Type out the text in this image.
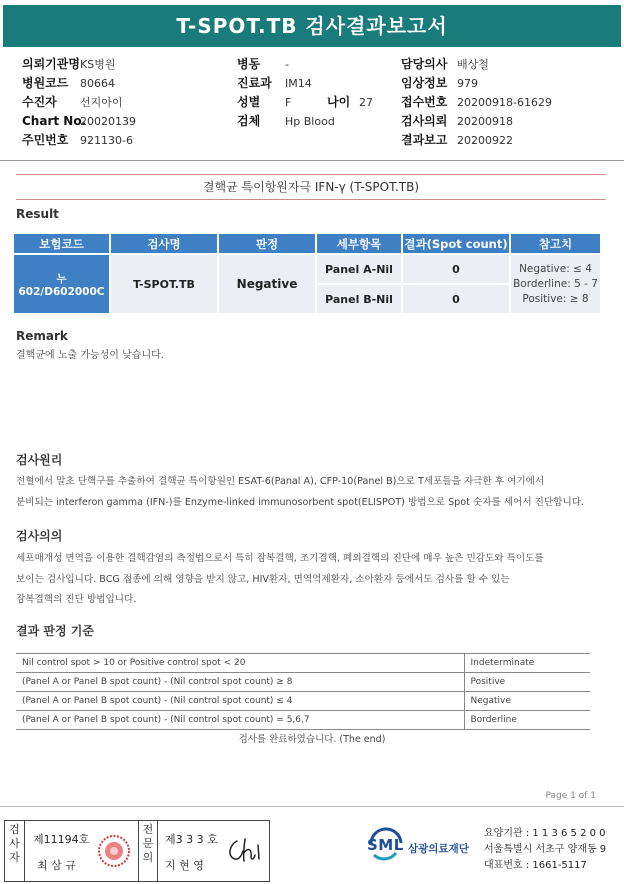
T-SPOT.TB 검사결과보고서
의뢰기관명KS병원
병원코드 80664
수진자 선지아이
Chart No.20020139
주민번호 921130-6
병동 -
진료과 IM14
성별 F	나이 27
검체 Hp Blood
담당의사 배상철
임상정보 979
접수번호 20200918-61629
검사의뢰 20200918
결과보고 20200922
결핵균 특이항원자극 IFN-γ (T-SPOT.TB)
Result
보험코드	검사명	판정	세부항목	결과(Spot count)	참고치
누602/D602000C	T-SPOT.TB	Negative	Panel A-Nil	0	Negative: ≤ 4
Borderline: 5 - 7
Positive: ≥ 8

			Panel B-Nil	0	
Remark
결핵균에 노출 가능성이 낮습니다.
검사원리
전혈에서 말초 단핵구를 추출하여 결핵균 특이항원인 ESAT-6(Panal A), CFP-10(Panel B)으로 T세포들을 자극한 후 여기에서
분비되는 interferon gamma (IFN-)를 Enzyme-linked immunosorbent spot(ELISPOT) 방법으로 Spot 숫자를 세어서 진단합니다.
검사의의
세포매개성 면역을 이용한 결핵감염의 측정법으로서 특히 잠복결핵, 조기결핵, 폐외결핵의 진단에 매우 높은 민감도와 특이도를
보이는 검사입니다. BCG 접종에 의해 영향을 받지 않고, HIV환자, 면역억제환자, 소아환자 등에서도 검사를 할 수 있는
잠복결핵의 진단 방법입니다.
결과 판정 기준
Nil control spot > 10 or Positive control spot < 20	Indeterminate
(Panel A or Panel B spot count) - (Nil control spot count) ≥ 8	Positive
(Panel A or Panel B spot count) - (Nil control spot count) ≤ 4	Negative
(Panel A or Panel B spot count) - (Nil control spot count) = 5,6,7	Borderline
검사를 완료하였습니다. (The end)
Page 1 of 1
검
사
자
제11194호
최 삼 규
전
문
의
제3 3 3 호
지 현 영
SML 삼광의료재단
요양기관 : 1 1 3 6 5 2 0 0
서울특별시 서초구 양재동 9
대표번호 : 1661-5117
